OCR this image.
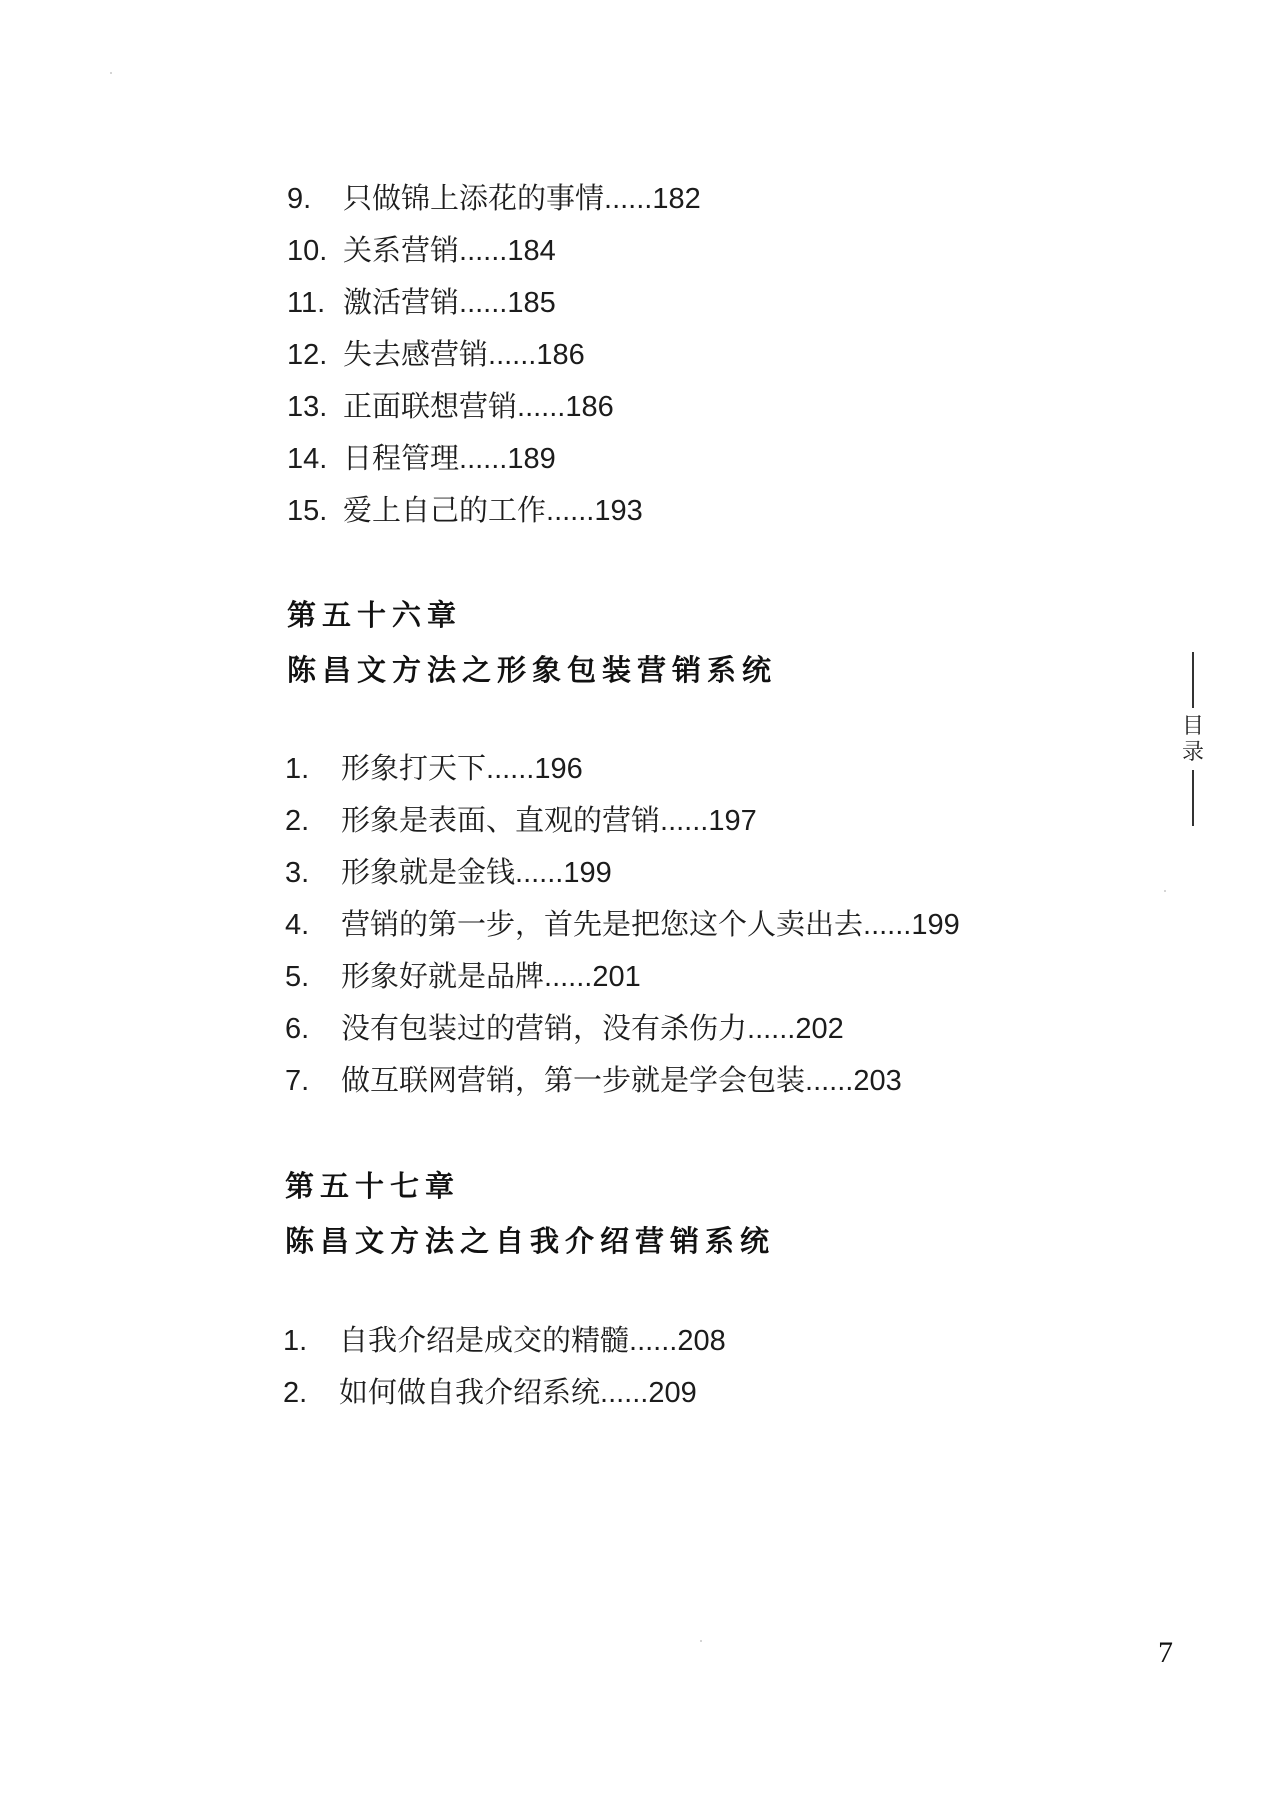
9. 只做锦上添花的事情......182
10. 关系营销......184
11. 激活营销......185
12. 失去感营销......186
13. 正面联想营销......186
14. 日程管理......189
15. 爱上自己的工作......193
第五十六章
陈昌文方法之形象包装营销系统
1. 形象打天下......196
2. 形象是表面、直观的营销......197
3. 形象就是金钱......199
4. 营销的第一步，首先是把您这个人卖出去......199
5. 形象好就是品牌......201
6. 没有包装过的营销，没有杀伤力......202
7. 做互联网营销，第一步就是学会包装......203
第五十七章
陈昌文方法之自我介绍营销系统
1. 自我介绍是成交的精髓......208
2. 如何做自我介绍系统......209
目录
7
